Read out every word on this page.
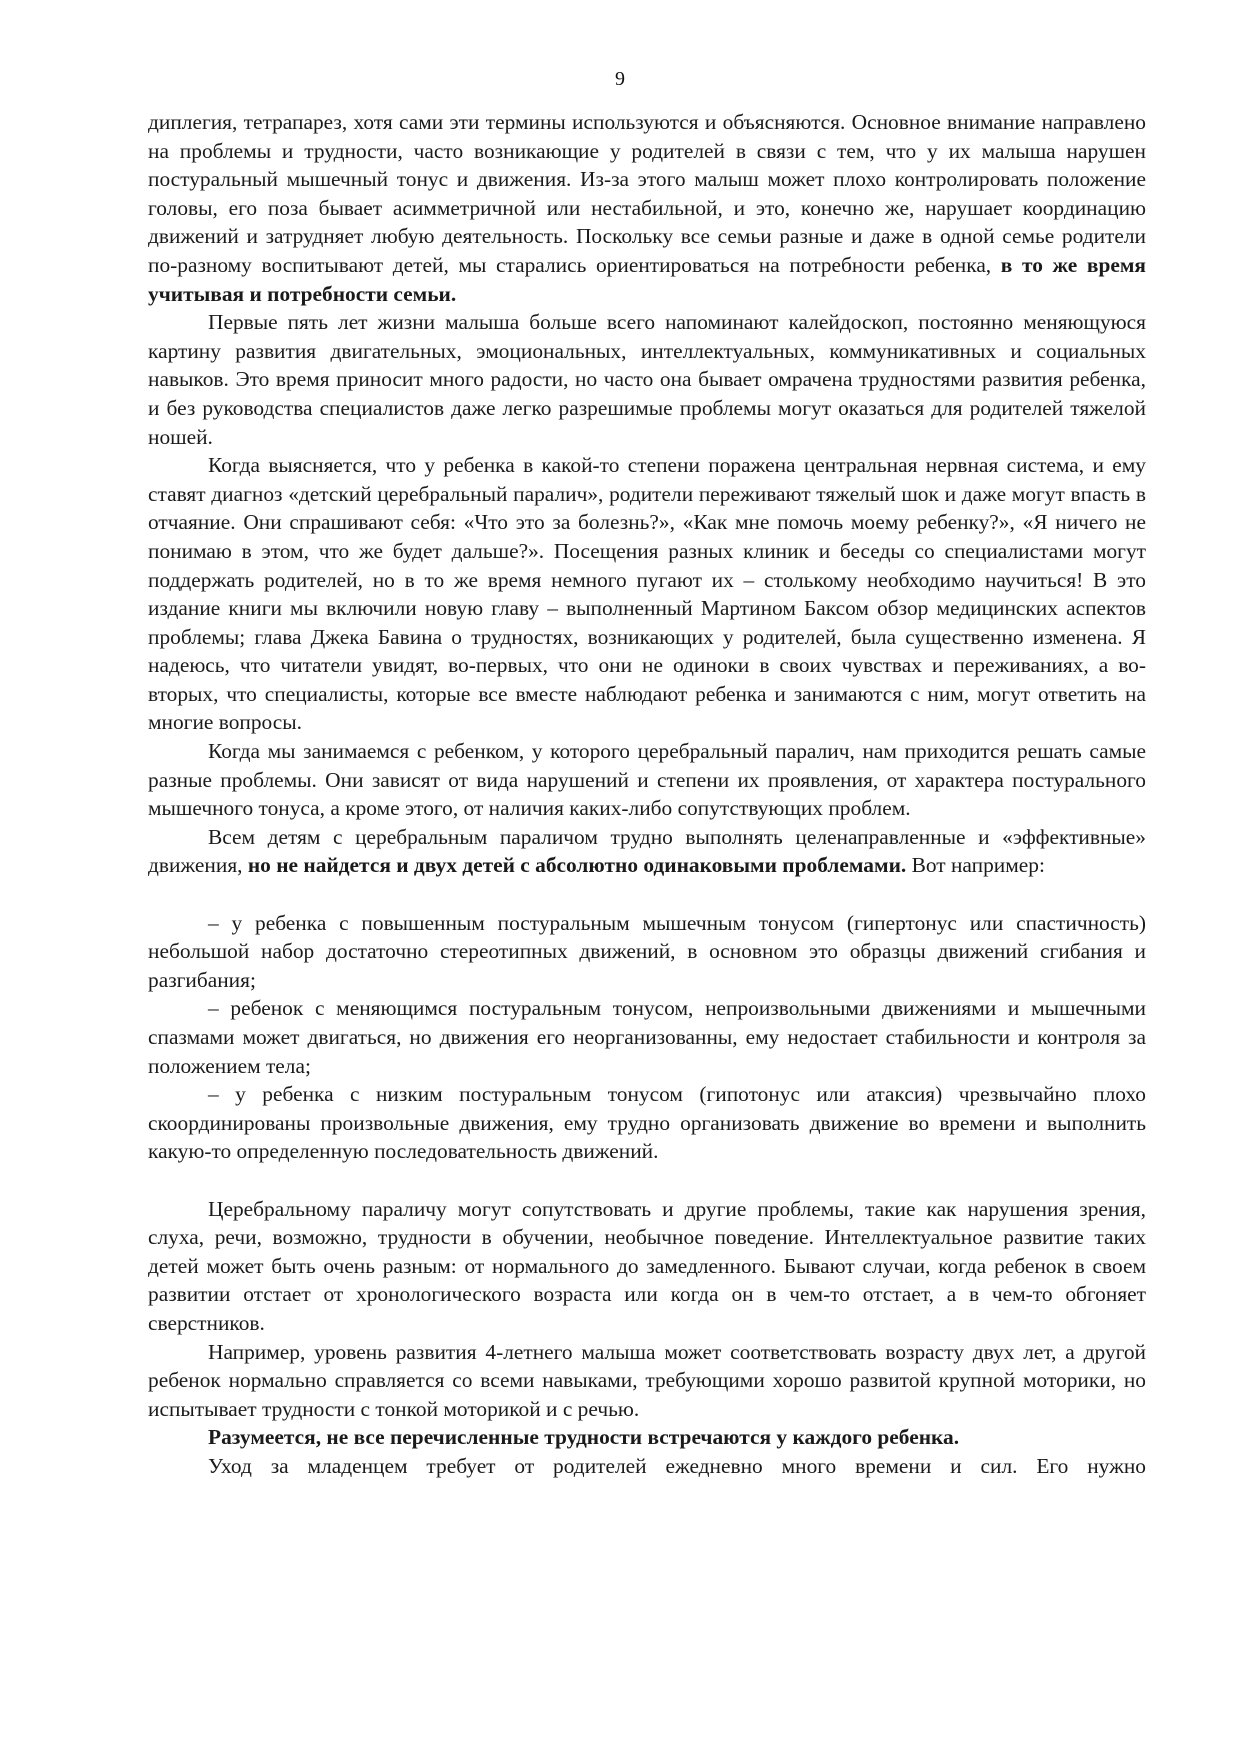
9

диплегия, тетрапарез, хотя сами эти термины используются и объясняются. Основное внимание направлено на проблемы и трудности, часто возникающие у родителей в связи с тем, что у их малыша нарушен постуральный мышечный тонус и движения. Из-за этого малыш может плохо контролировать положение головы, его поза бывает асимметричной или нестабильной, и это, конечно же, нарушает координацию движений и затрудняет любую деятельность. Поскольку все семьи разные и даже в одной семье родители по-разному воспитывают детей, мы старались ориентироваться на потребности ребенка, в то же время учитывая и потребности семьи.

Первые пять лет жизни малыша больше всего напоминают калейдоскоп, постоянно меняющуюся картину развития двигательных, эмоциональных, интеллектуальных, коммуникативных и социальных навыков. Это время приносит много радости, но часто она бывает омрачена трудностями развития ребенка, и без руководства специалистов даже легко разрешимые проблемы могут оказаться для родителей тяжелой ношей.

Когда выясняется, что у ребенка в какой-то степени поражена центральная нервная система, и ему ставят диагноз «детский церебральный паралич», родители переживают тяжелый шок и даже могут впасть в отчаяние. Они спрашивают себя: «Что это за болезнь?», «Как мне помочь моему ребенку?», «Я ничего не понимаю в этом, что же будет дальше?». Посещения разных клиник и беседы со специалистами могут поддержать родителей, но в то же время немного пугают их – столькому необходимо научиться! В это издание книги мы включили новую главу – выполненный Мартином Баксом обзор медицинских аспектов проблемы; глава Джека Бавина о трудностях, возникающих у родителей, была существенно изменена. Я надеюсь, что читатели увидят, во-первых, что они не одиноки в своих чувствах и переживаниях, а во-вторых, что специалисты, которые все вместе наблюдают ребенка и занимаются с ним, могут ответить на многие вопросы.

Когда мы занимаемся с ребенком, у которого церебральный паралич, нам приходится решать самые разные проблемы. Они зависят от вида нарушений и степени их проявления, от характера постурального мышечного тонуса, а кроме этого, от наличия каких-либо сопутствующих проблем.

Всем детям с церебральным параличом трудно выполнять целенаправленные и «эффективные» движения, но не найдется и двух детей с абсолютно одинаковыми проблемами. Вот например:

– у ребенка с повышенным постуральным мышечным тонусом (гипертонус или спастичность) небольшой набор достаточно стереотипных движений, в основном это образцы движений сгибания и разгибания;

– ребенок с меняющимся постуральным тонусом, непроизвольными движениями и мышечными спазмами может двигаться, но движения его неорганизованны, ему недостает стабильности и контроля за положением тела;

– у ребенка с низким постуральным тонусом (гипотонус или атаксия) чрезвычайно плохо скоординированы произвольные движения, ему трудно организовать движение во времени и выполнить какую-то определенную последовательность движений.

Церебральному параличу могут сопутствовать и другие проблемы, такие как нарушения зрения, слуха, речи, возможно, трудности в обучении, необычное поведение. Интеллектуальное развитие таких детей может быть очень разным: от нормального до замедленного. Бывают случаи, когда ребенок в своем развитии отстает от хронологического возраста или когда он в чем-то отстает, а в чем-то обгоняет сверстников.

Например, уровень развития 4-летнего малыша может соответствовать возрасту двух лет, а другой ребенок нормально справляется со всеми навыками, требующими хорошо развитой крупной моторики, но испытывает трудности с тонкой моторикой и с речью.

Разумеется, не все перечисленные трудности встречаются у каждого ребенка.

Уход за младенцем требует от родителей ежедневно много времени и сил. Его нужно
